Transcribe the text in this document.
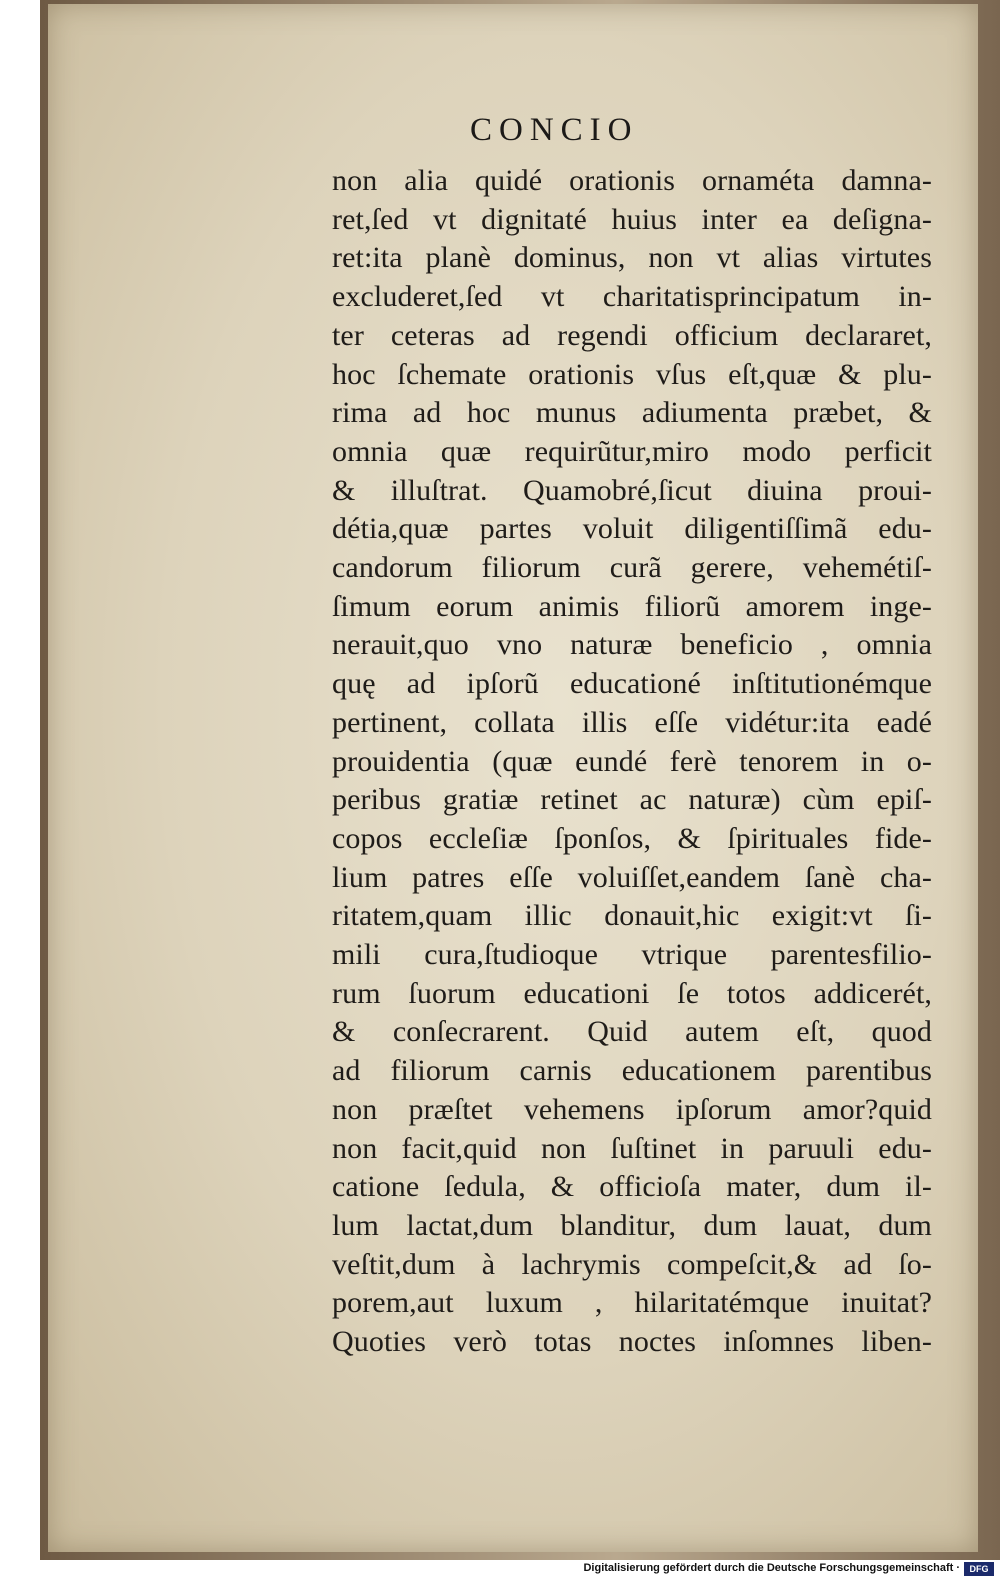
CONCIO
non alia quidé orationis ornaméta damna-
ret,ſed vt dignitaté huius inter ea deſigna-
ret:ita planè dominus, non vt alias virtutes
excluderet,ſed vt charitatisprincipatum in-
ter ceteras ad regendi officium declararet,
hoc ſchemate orationis vſus eſt,quæ & plu-
rima ad hoc munus adiumenta præbet, &
omnia quæ requirũtur,miro modo perficit
& illuſtrat. Quamobré,ſicut diuina proui-
détia,quæ partes voluit diligentiſſimã edu-
candorum filiorum curã gerere, vehemétiſ-
ſimum eorum animis filiorũ amorem inge-
nerauit,quo vno naturæ beneficio , omnia
quę ad ipſorũ educationé inſtitutionémque
pertinent, collata illis eſſe vidétur:ita eadé
prouidentia (quæ eundé ferè tenorem in o-
peribus gratiæ retinet ac naturæ) cùm epiſ-
copos eccleſiæ ſponſos, & ſpirituales fide-
lium patres eſſe voluiſſet,eandem ſanè cha-
ritatem,quam illic donauit,hic exigit:vt ſi-
mili cura,ſtudioque vtrique parentesfilio-
rum ſuorum educationi ſe totos addicerét,
& conſecrarent. Quid autem eſt, quod
ad filiorum carnis educationem parentibus
non præſtet vehemens ipſorum amor?quid
non facit,quid non ſuſtinet in paruuli edu-
catione ſedula, & officioſa mater, dum il-
lum lactat,dum blanditur, dum lauat, dum
veſtit,dum à lachrymis compeſcit,& ad ſo-
porem,aut luxum , hilaritatémque inuitat?
Quoties verò totas noctes inſomnes liben-
Digitalisierung gefördert durch die Deutsche Forschungsgemeinschaft ·	DFG
